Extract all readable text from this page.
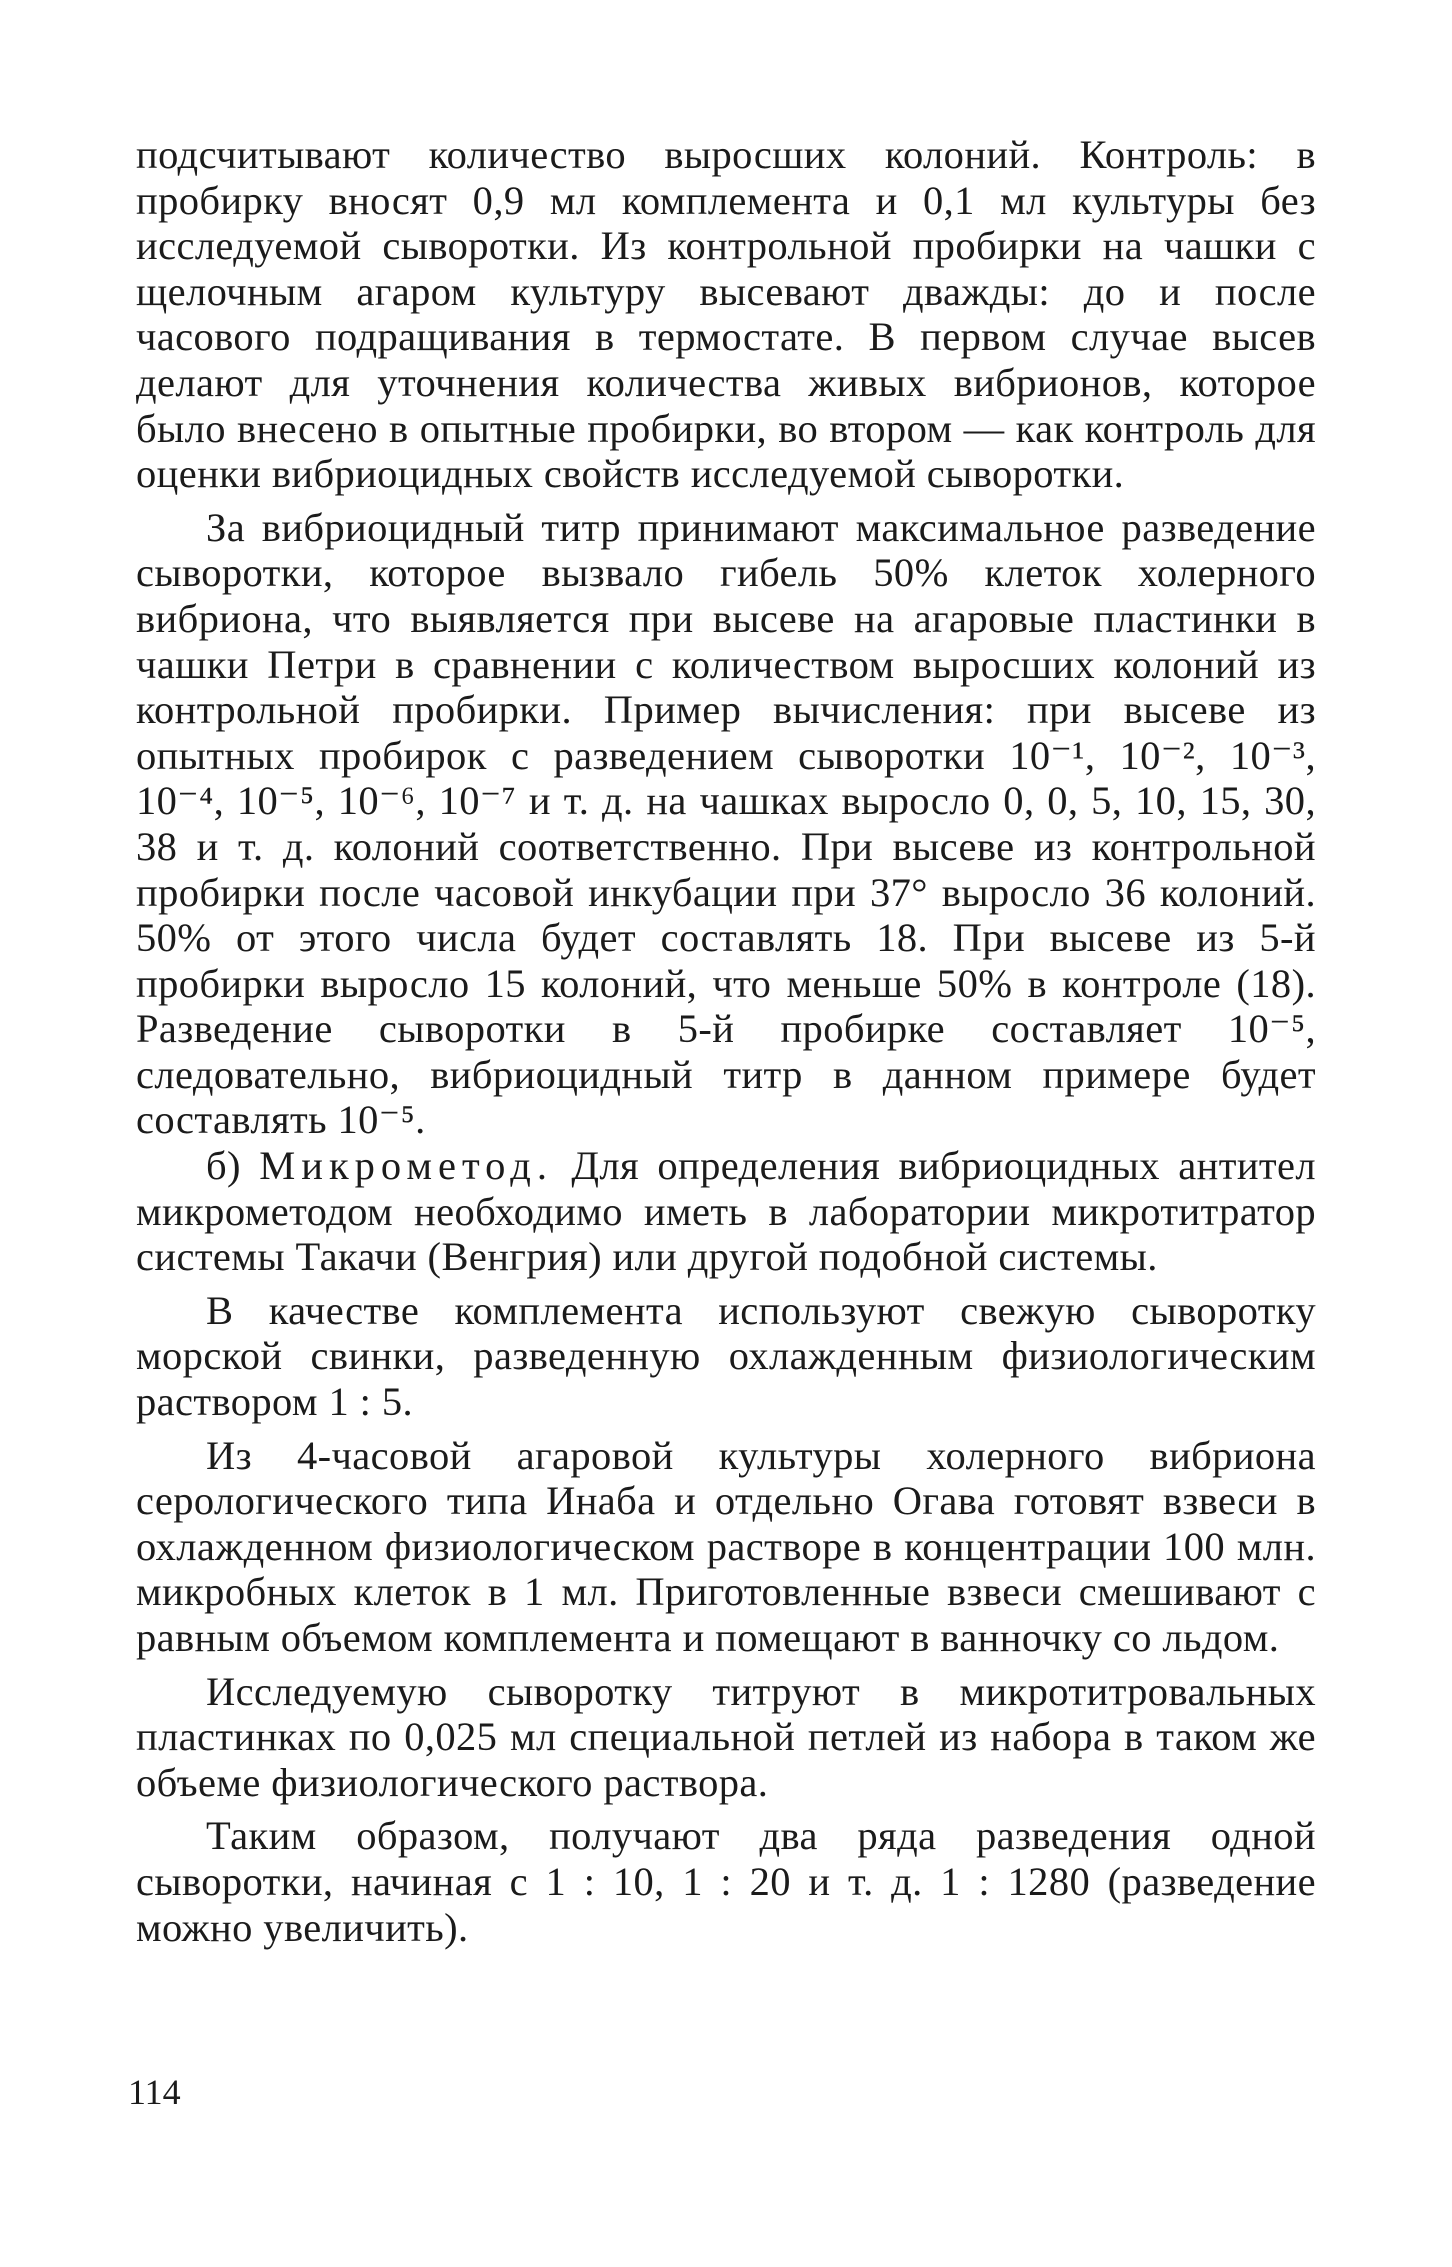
подсчитывают количество выросших колоний. Контроль: в пробирку вносят 0,9 мл комплемента и 0,1 мл культуры без исследуемой сыворотки. Из контрольной пробирки на чашки с щелочным агаром культуру высевают дважды: до и после часового подращивания в термостате. В первом случае высев делают для уточнения количества живых вибрионов, которое было внесено в опытные пробирки, во втором — как контроль для оценки вибриоцидных свойств исследуемой сыворотки.

За вибриоцидный титр принимают максимальное разведение сыворотки, которое вызвало гибель 50% клеток холерного вибриона, что выявляется при высеве на агаровые пластинки в чашки Петри в сравнении с количеством выросших колоний из контрольной пробирки. Пример вычисления: при высеве из опытных пробирок с разведением сыворотки 10⁻¹, 10⁻², 10⁻³, 10⁻⁴, 10⁻⁵, 10⁻⁶, 10⁻⁷ и т. д. на чашках выросло 0, 0, 5, 10, 15, 30, 38 и т. д. колоний соответственно. При высеве из контрольной пробирки после часовой инкубации при 37° выросло 36 колоний. 50% от этого числа будет составлять 18. При высеве из 5-й пробирки выросло 15 колоний, что меньше 50% в контроле (18). Разведение сыворотки в 5-й пробирке составляет 10⁻⁵, следовательно, вибриоцидный титр в данном примере будет составлять 10⁻⁵.

б) Микрометод. Для определения вибриоцидных антител микрометодом необходимо иметь в лаборатории микротитратор системы Такачи (Венгрия) или другой подобной системы.

В качестве комплемента используют свежую сыворотку морской свинки, разведенную охлажденным физиологическим раствором 1 : 5.

Из 4-часовой агаровой культуры холерного вибриона серологического типа Инаба и отдельно Огава готовят взвеси в охлажденном физиологическом растворе в концентрации 100 млн. микробных клеток в 1 мл. Приготовленные взвеси смешивают с равным объемом комплемента и помещают в ванночку со льдом.

Исследуемую сыворотку титруют в микротитровальных пластинках по 0,025 мл специальной петлей из набора в таком же объеме физиологического раствора.

Таким образом, получают два ряда разведения одной сыворотки, начиная с 1 : 10, 1 : 20 и т. д. 1 : 1280 (разведение можно увеличить).

114
